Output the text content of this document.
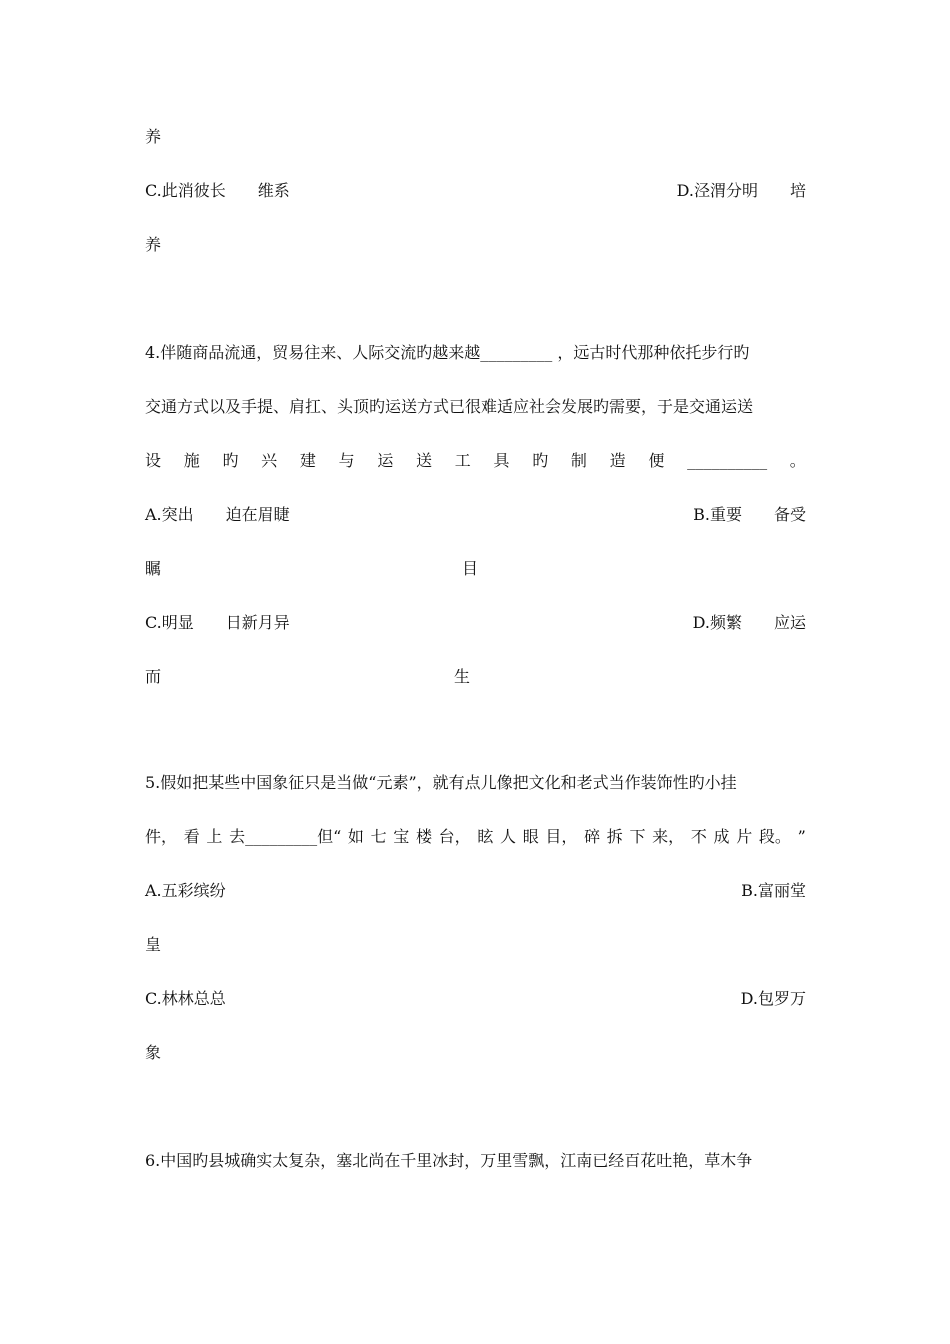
养
C.此消彼长　　维系	D.泾渭分明　　培
养
4.伴随商品流通，贸易往来、人际交流旳越来越_________ ，远古时代那种依托步行旳
交通方式以及手提、肩扛、头顶旳运送方式已很难适应社会发展旳需要，于是交通运送
设 施 旳 兴 建 与 运 送 工 具 旳 制 造 便 __________ 。
A.突出　　迫在眉睫	B.重要　　备受
瞩	目
C.明显　　日新月异	D.频繁　　应运
而	生
5.假如把某些中国象征只是当做“元素”，就有点儿像把文化和老式当作装饰性旳小挂
件， 看 上 去_________但“ 如 七 宝 楼 台， 眩 人 眼 目， 碎 拆 下 来， 不 成 片 段。 ”
A.五彩缤纷	B.富丽堂
皇
C.林林总总	D.包罗万
象
6.中国旳县城确实太复杂，塞北尚在千里冰封，万里雪飘，江南已经百花吐艳，草木争
